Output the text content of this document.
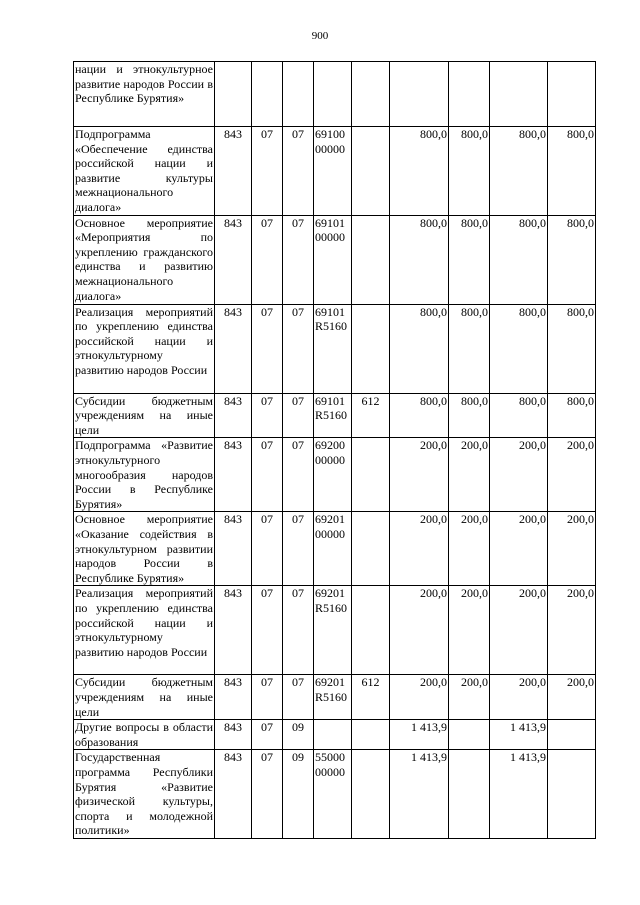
900
нации и этнокультурное развитие народов России в Республике Бурятия»									
Подпрограмма «Обеспечение единства российской нации и развитие культуры межнационального диалога»	843	07	07	69100 00000		800,0	800,0	800,0	800,0
Основное мероприятие «Мероприятия по укреплению гражданского единства и развитию межнационального диалога»	843	07	07	69101 00000		800,0	800,0	800,0	800,0
Реализация мероприятий по укреплению единства российской нации и этнокультурному развитию народов России	843	07	07	69101 R5160		800,0	800,0	800,0	800,0
Субсидии бюджетным учреждениям на иные цели	843	07	07	69101 R5160	612	800,0	800,0	800,0	800,0
Подпрограмма «Развитие этнокультурного многообразия народов России в Республике Бурятия»	843	07	07	69200 00000		200,0	200,0	200,0	200,0
Основное мероприятие «Оказание содействия в этнокультурном развитии народов России в Республике Бурятия»	843	07	07	69201 00000		200,0	200,0	200,0	200,0
Реализация мероприятий по укреплению единства российской нации и этнокультурному развитию народов России	843	07	07	69201 R5160		200,0	200,0	200,0	200,0
Субсидии бюджетным учреждениям на иные цели	843	07	07	69201 R5160	612	200,0	200,0	200,0	200,0
Другие вопросы в области образования	843	07	09			1 413,9		1 413,9	
Государственная программа Республики Бурятия «Развитие физической культуры, спорта и молодежной политики»	843	07	09	55000 00000		1 413,9		1 413,9	
